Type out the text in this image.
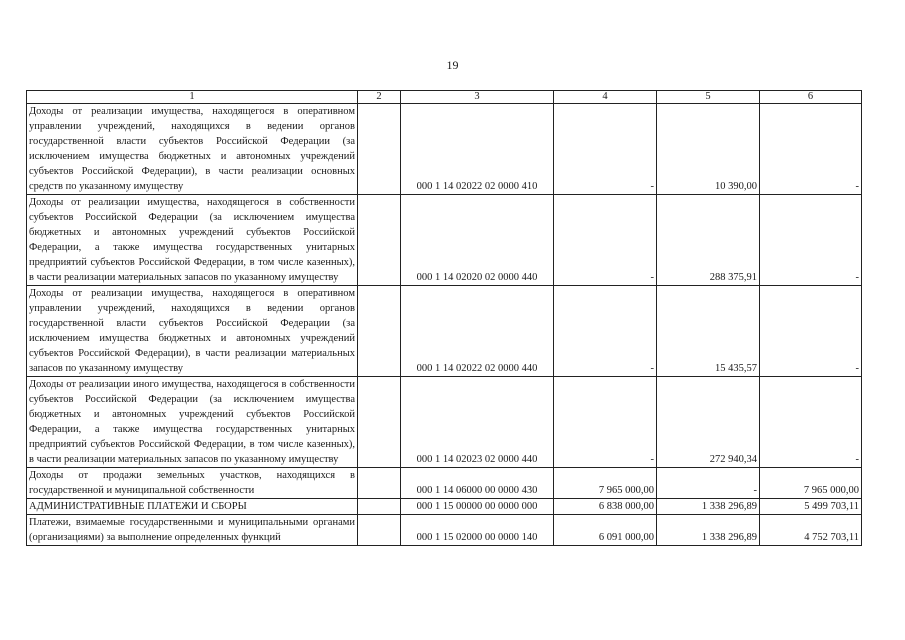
19
1	2	3	4	5	6
Доходы от реализации имущества, находящегося в оперативном управлении учреждений, находящихся в ведении органов государственной власти субъектов Российской Федерации (за исключением имущества бюджетных и автономных учреждений субъектов Российской Федерации), в части реализации основных средств по указанному имуществу		000 1 14 02022 02 0000 410	-	10 390,00	-
Доходы от реализации имущества, находящегося в собственности субъектов Российской Федерации (за исключением имущества бюджетных и автономных учреждений субъектов Российской Федерации, а также имущества государственных унитарных предприятий субъектов Российской Федерации, в том числе казенных), в части реализации материальных запасов по указанному имуществу		000 1 14 02020 02 0000 440	-	288 375,91	-
Доходы от реализации имущества, находящегося в оперативном управлении учреждений, находящихся в ведении органов государственной власти субъектов Российской Федерации (за исключением имущества бюджетных и автономных учреждений субъектов Российской Федерации), в части реализации материальных запасов по указанному имуществу		000 1 14 02022 02 0000 440	-	15 435,57	-
Доходы от реализации иного имущества, находящегося в собственности субъектов Российской Федерации (за исключением имущества бюджетных и автономных учреждений субъектов Российской Федерации, а также имущества государственных унитарных предприятий субъектов Российской Федерации, в том числе казенных), в части реализации материальных запасов по указанному имуществу		000 1 14 02023 02 0000 440	-	272 940,34	-
Доходы от продажи земельных участков, находящихся в государственной и муниципальной собственности		000 1 14 06000 00 0000 430	7 965 000,00	-	7 965 000,00
АДМИНИСТРАТИВНЫЕ ПЛАТЕЖИ И СБОРЫ		000 1 15 00000 00 0000 000	6 838 000,00	1 338 296,89	5 499 703,11
Платежи, взимаемые государственными и муниципальными органами (организациями) за выполнение определенных функций		000 1 15 02000 00 0000 140	6 091 000,00	1 338 296,89	4 752 703,11
